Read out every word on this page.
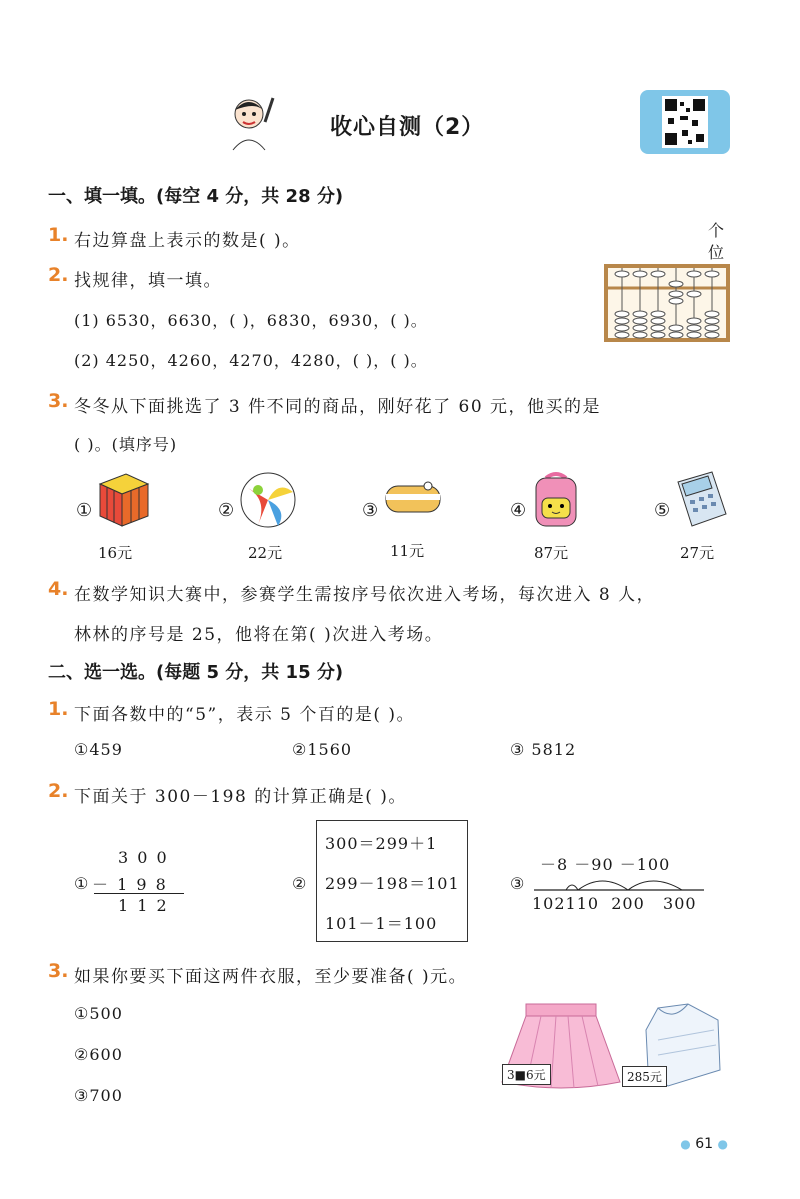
收心自测（2）
一、填一填。(每空 4 分，共 28 分)
1. 右边算盘上表示的数是( )。
个
位
2. 找规律，填一填。
(1) 6530，6630，( )，6830，6930，( )。
(2) 4250，4260，4270，4280，( )，( )。
3. 冬冬从下面挑选了 3 件不同的商品，刚好花了 60 元，他买的是
( )。(填序号)
①
16元
②
22元
③
11元
④
87元
⑤
27元
4. 在数学知识大赛中，参赛学生需按序号依次进入考场，每次进入 8 人，
林林的序号是 25，他将在第( )次进入考场。
二、选一选。(每题 5 分，共 15 分)
1. 下面各数中的“5”，表示 5 个百的是( )。
①459	②1560	③ 5812
2. 下面关于 300－198 的计算正确是( )。
①
3 0 0
－ 1 9 8
1 1 2
②
300＝299＋1
299－198＝101
101－1＝100
③
－8 －90 －100
102110  200   300
3. 如果你要买下面这两件衣服，至少要准备( )元。
①500
②600
③700
3■6元	285元
● 61 ●
